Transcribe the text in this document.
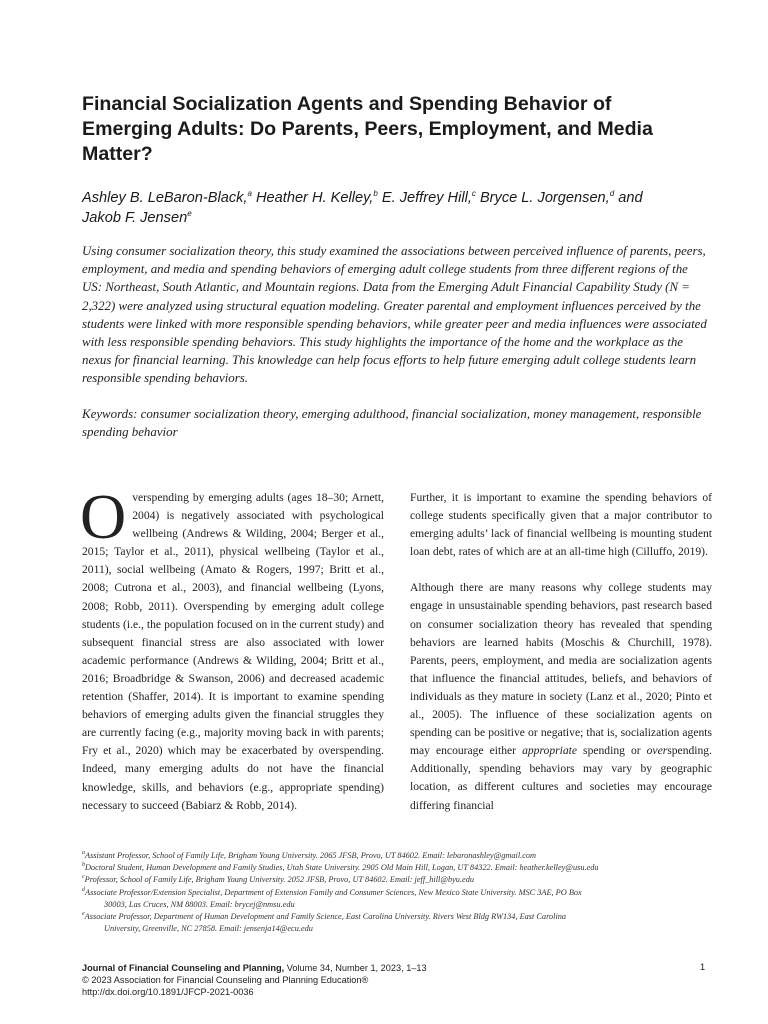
Financial Socialization Agents and Spending Behavior of Emerging Adults: Do Parents, Peers, Employment, and Media Matter?

Ashley B. LeBaron-Black,$^a$ Heather H. Kelley,$^b$ E. Jeffrey Hill,$^c$ Bryce L. Jorgensen,$^d$ and
Jakob F. Jensen$^e$

Using consumer socialization theory, this study examined the associations between perceived influence of parents, peers, employment, and media and spending behaviors of emerging adult college students from three different regions of the US: Northeast, South Atlantic, and Mountain regions. Data from the Emerging Adult Financial Capability Study (N = 2,322) were analyzed using structural equation modeling. Greater parental and employment influences perceived by the students were linked with more responsible spending behaviors, while greater peer and media influences were associated with less responsible spending behaviors. This study highlights the importance of the home and the workplace as the nexus for financial learning. This knowledge can help focus efforts to help future emerging adult college students learn responsible spending behaviors.

Keywords: consumer socialization theory, emerging adulthood, financial socialization, money management, responsible spending behavior

Overspending by emerging adults (ages 18–30; Arnett, 2004) is negatively associated with psychological wellbeing (Andrews & Wilding, 2004; Berger et al., 2015; Taylor et al., 2011), physical wellbeing (Taylor et al., 2011), social wellbeing (Amato & Rogers, 1997; Britt et al., 2008; Cutrona et al., 2003), and financial wellbeing (Lyons, 2008; Robb, 2011). Overspending by emerging adult college students (i.e., the population focused on in the current study) and subsequent financial stress are also associated with lower academic performance (Andrews & Wilding, 2004; Britt et al., 2016; Broadbridge & Swanson, 2006) and decreased academic retention (Shaffer, 2014). It is important to examine spending behaviors of emerging adults given the financial struggles they are currently facing (e.g., majority moving back in with parents; Fry et al., 2020) which may be exacerbated by overspending. Indeed, many emerging adults do not have the financial knowledge, skills, and behaviors (e.g., appropriate spending) necessary to succeed (Babiarz & Robb, 2014).

Further, it is important to examine the spending behaviors of college students specifically given that a major contributor to emerging adults’ lack of financial wellbeing is mounting student loan debt, rates of which are at an all-time high (Cilluffo, 2019).

Although there are many reasons why college students may engage in unsustainable spending behaviors, past research based on consumer socialization theory has revealed that spending behaviors are learned habits (Moschis & Churchill, 1978). Parents, peers, employment, and media are socialization agents that influence the financial attitudes, beliefs, and behaviors of individuals as they mature in society (Lanz et al., 2020; Pinto et al., 2005). The influence of these socialization agents on spending can be positive or negative; that is, socialization agents may encourage either appropriate spending or overspending. Additionally, spending behaviors may vary by geographic location, as different cultures and societies may encourage differing financial

$^a$Assistant Professor, School of Family Life, Brigham Young University. 2065 JFSB, Provo, UT 84602. Email: lebaronashley@gmail.com

$^b$Doctoral Student, Human Development and Family Studies, Utah State University. 2905 Old Main Hill, Logan, UT 84322. Email: heather.kelley@usu.edu

$^c$Professor, School of Family Life, Brigham Young University. 2052 JFSB, Provo, UT 84602. Email: jeff_hill@byu.edu

$^d$Associate Professor/Extension Specialist, Department of Extension Family and Consumer Sciences, New Mexico State University. MSC 3AE, PO Box
30003, Las Cruces, NM 88003. Email: brycej@nmsu.edu

$^e$Associate Professor, Department of Human Development and Family Science, East Carolina University. Rivers West Bldg RW134, East Carolina
University, Greenville, NC 27858. Email: jensenja14@ecu.edu

Journal of Financial Counseling and Planning, Volume 34, Number 1, 2023, 1–13
© 2023 Association for Financial Counseling and Planning Education®
http://dx.doi.org/10.1891/JFCP-2021-0036
1
